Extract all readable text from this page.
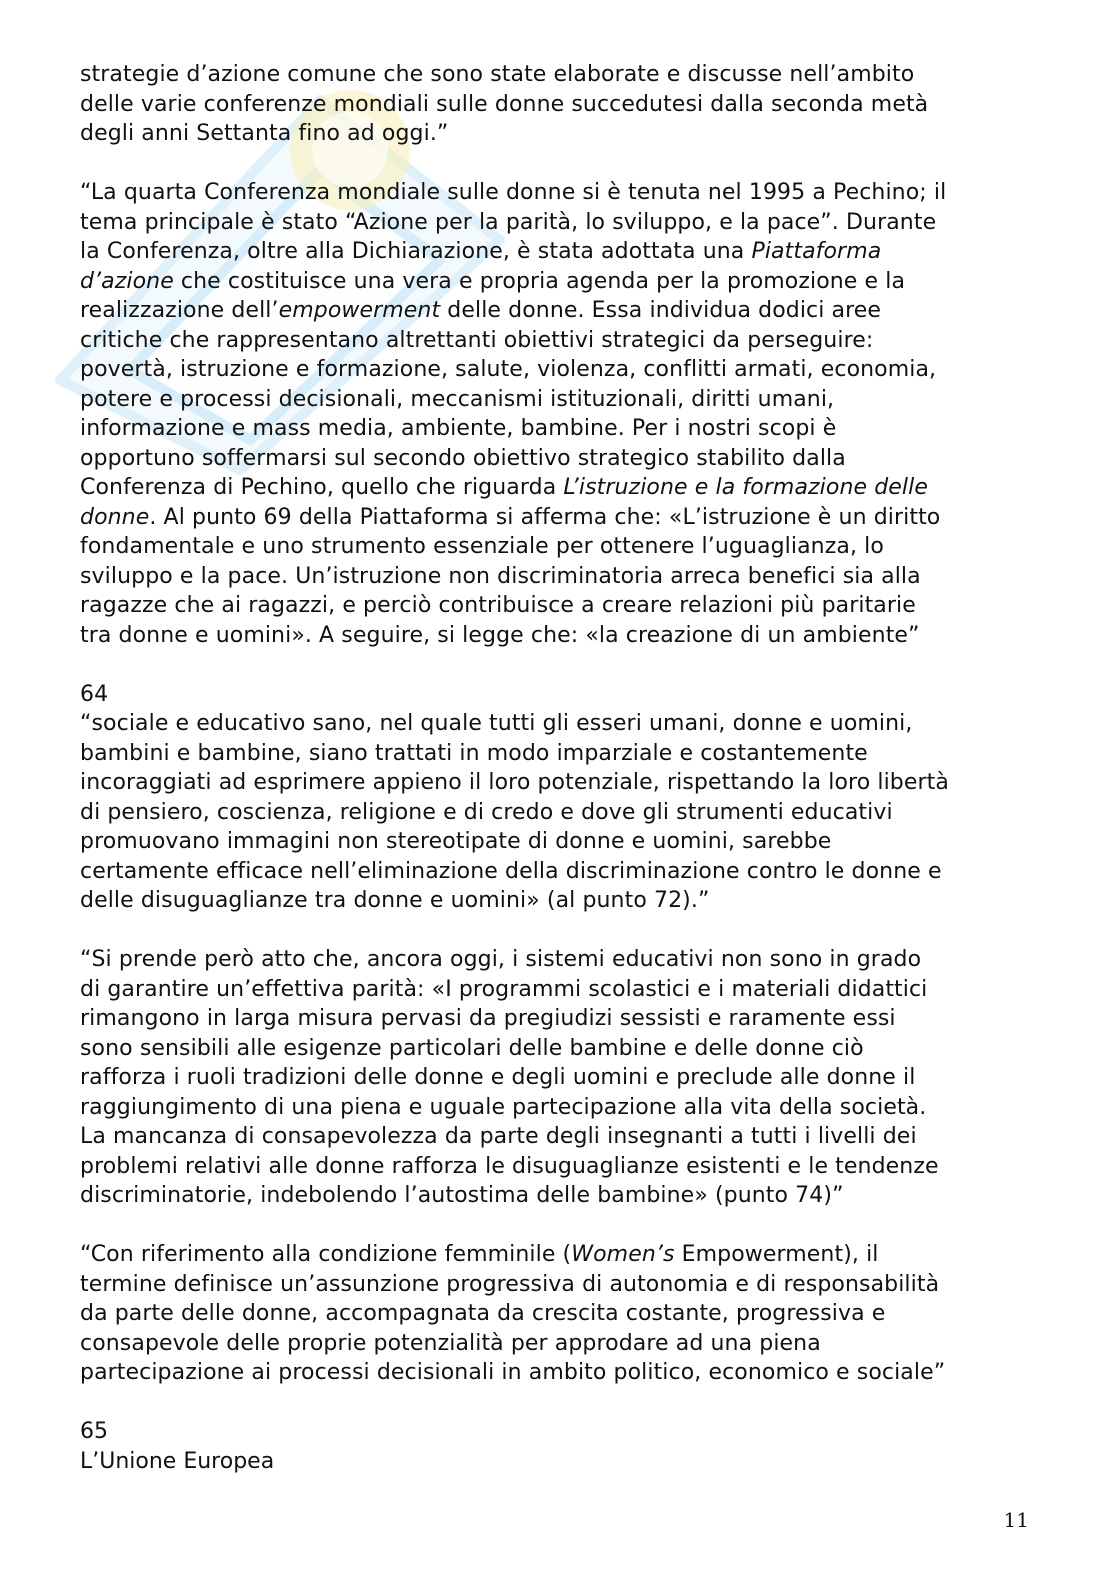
strategie d’azione comune che sono state elaborate e discusse nell’ambito
delle varie conferenze mondiali sulle donne succedutesi dalla seconda metà
degli anni Settanta fino ad oggi.”

“La quarta Conferenza mondiale sulle donne si è tenuta nel 1995 a Pechino; il
tema principale è stato “Azione per la parità, lo sviluppo, e la pace”. Durante
la Conferenza, oltre alla Dichiarazione, è stata adottata una Piattaforma
d’azione che costituisce una vera e propria agenda per la promozione e la
realizzazione dell’empowerment delle donne. Essa individua dodici aree
critiche che rappresentano altrettanti obiettivi strategici da perseguire:
povertà, istruzione e formazione, salute, violenza, conflitti armati, economia,
potere e processi decisionali, meccanismi istituzionali, diritti umani,
informazione e mass media, ambiente, bambine. Per i nostri scopi è
opportuno soffermarsi sul secondo obiettivo strategico stabilito dalla
Conferenza di Pechino, quello che riguarda L’istruzione e la formazione delle
donne. Al punto 69 della Piattaforma si afferma che: «L’istruzione è un diritto
fondamentale e uno strumento essenziale per ottenere l’uguaglianza, lo
sviluppo e la pace. Un’istruzione non discriminatoria arreca benefici sia alla
ragazze che ai ragazzi, e perciò contribuisce a creare relazioni più paritarie
tra donne e uomini». A seguire, si legge che: «la creazione di un ambiente”

64
“sociale e educativo sano, nel quale tutti gli esseri umani, donne e uomini,
bambini e bambine, siano trattati in modo imparziale e costantemente
incoraggiati ad esprimere appieno il loro potenziale, rispettando la loro libertà
di pensiero, coscienza, religione e di credo e dove gli strumenti educativi
promuovano immagini non stereotipate di donne e uomini, sarebbe
certamente efficace nell’eliminazione della discriminazione contro le donne e
delle disuguaglianze tra donne e uomini» (al punto 72).”

“Si prende però atto che, ancora oggi, i sistemi educativi non sono in grado
di garantire un’effettiva parità: «I programmi scolastici e i materiali didattici
rimangono in larga misura pervasi da pregiudizi sessisti e raramente essi
sono sensibili alle esigenze particolari delle bambine e delle donne ciò
rafforza i ruoli tradizioni delle donne e degli uomini e preclude alle donne il
raggiungimento di una piena e uguale partecipazione alla vita della società.
La mancanza di consapevolezza da parte degli insegnanti a tutti i livelli dei
problemi relativi alle donne rafforza le disuguaglianze esistenti e le tendenze
discriminatorie, indebolendo l’autostima delle bambine» (punto 74)”

“Con riferimento alla condizione femminile (Women’s Empowerment), il
termine definisce un’assunzione progressiva di autonomia e di responsabilità
da parte delle donne, accompagnata da crescita costante, progressiva e
consapevole delle proprie potenzialità per approdare ad una piena
partecipazione ai processi decisionali in ambito politico, economico e sociale”

65
L’Unione Europea
11
